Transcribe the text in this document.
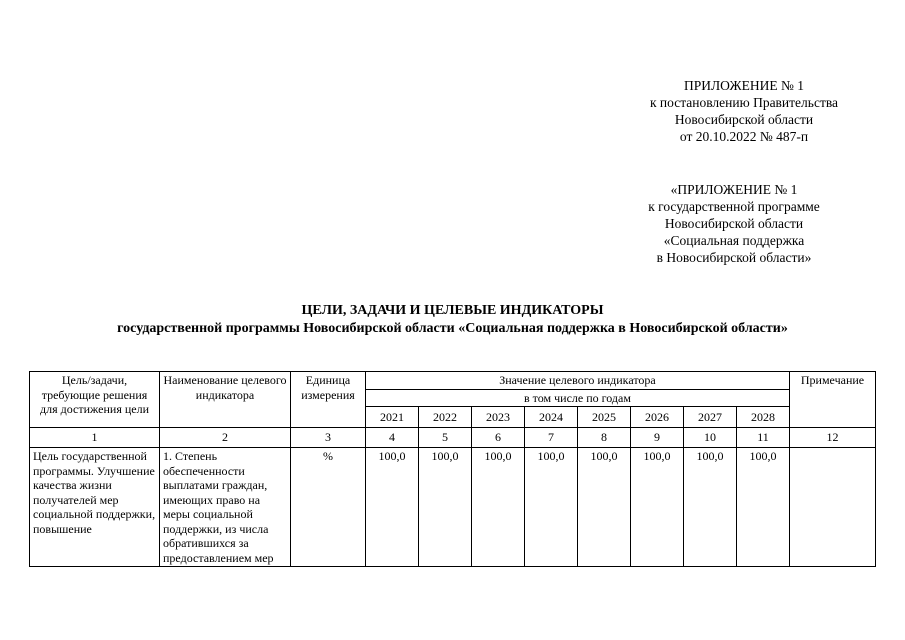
ПРИЛОЖЕНИЕ № 1
к постановлению Правительства
Новосибирской области
от 20.10.2022 № 487-п
«ПРИЛОЖЕНИЕ № 1
к государственной программе
Новосибирской области
«Социальная поддержка
в Новосибирской области»
ЦЕЛИ, ЗАДАЧИ И ЦЕЛЕВЫЕ ИНДИКАТОРЫ
государственной программы Новосибирской области «Социальная поддержка в Новосибирской области»
Цель/задачи, требующие решения для достижения цели	Наименование целевого индикатора	Единица измерения	Значение целевого индикатора								Примечание
			в том числе по годам								
			2021	2022	2023	2024	2025	2026	2027	2028	
1	2	3	4	5	6	7	8	9	10	11	12
Цель государственной программы. Улучшение качества жизни получателей мер социальной поддержки, повышение	1. Степень обеспеченности выплатами граждан, имеющих право на меры социальной поддержки, из числа обратившихся за предоставлением мер	%	100,0	100,0	100,0	100,0	100,0	100,0	100,0	100,0	
